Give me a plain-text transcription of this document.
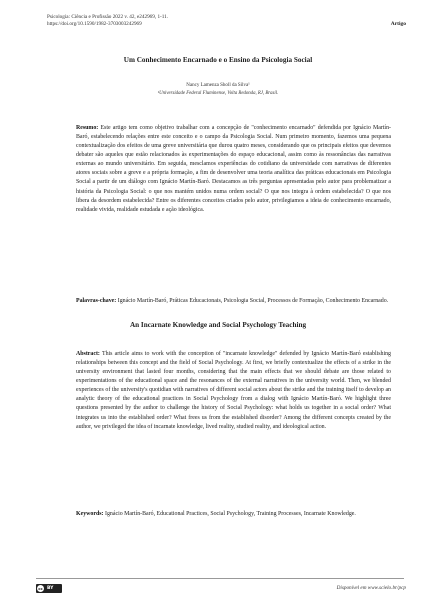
Psicologia: Ciência e Profissão 2022 v. 42, e242969, 1-11.
https://doi.org/10.1590/1982-3703003242969	Artigo
Um Conhecimento Encarnado e o Ensino da Psicologia Social
Nancy Lamenza Sholl da Silva¹
¹Universidade Federal Fluminense, Volta Redonda, RJ, Brasil.
Resumo: Este artigo tem como objetivo trabalhar com a concepção de "conhecimento encarnado" defendida por Ignácio Martín-Baró, estabelecendo relações entre este conceito e o campo da Psicologia Social. Num primeiro momento, fazemos uma pequena contextualização dos efeitos de uma greve universitária que durou quatro meses, considerando que os principais efeitos que devemos debater são aqueles que estão relacionados às experimentações do espaço educacional, assim como às ressonâncias das narrativas externas ao mundo universitário. Em seguida, mesclamos experiências do cotidiano da universidade com narrativas de diferentes atores sociais sobre a greve e a própria formação, a fim de desenvolver uma teoria analítica das práticas educacionais em Psicologia Social a partir de um diálogo com Ignácio Martín-Baró. Destacamos as três perguntas apresentadas pelo autor para problematizar a história da Psicologia Social: o que nos mantém unidos numa ordem social? O que nos integra à ordem estabelecida? O que nos libera da desordem estabelecida? Entre os diferentes conceitos criados pelo autor, privilegiamos a ideia de conhecimento encarnado, realidade vivida, realidade estudada e ação ideológica.
Palavras-chave: Ignácio Martín-Baró, Práticas Educacionais, Psicologia Social, Processos de Formação, Conhecimento Encarnado.
An Incarnate Knowledge and Social Psychology Teaching
Abstract: This article aims to work with the conception of "incarnate knowledge" defended by Ignácio Martín-Baró establishing relationships between this concept and the field of Social Psychology. At first, we briefly contextualize the effects of a strike in the university environment that lasted four months, considering that the main effects that we should debate are those related to experimentations of the educational space and the resonances of the external narratives in the university world. Then, we blended experiences of the university's quotidian with narratives of different social actors about the strike and the training itself to develop an analytic theory of the educational practices in Social Psychology from a dialog with Ignácio Martín-Baró. We highlight three questions presented by the author to challenge the history of Social Psychology: what holds us together in a social order? What integrates us into the established order? What frees us from the established disorder? Among the different concepts created by the author, we privileged the idea of incarnate knowledge, lived reality, studied reality, and ideological action.
Keywords: Ignácio Martín-Baró, Educational Practices, Social Psychology, Training Processes, Incarnate Knowledge.
cc BY	Disponível em www.scielo.br/pcp
